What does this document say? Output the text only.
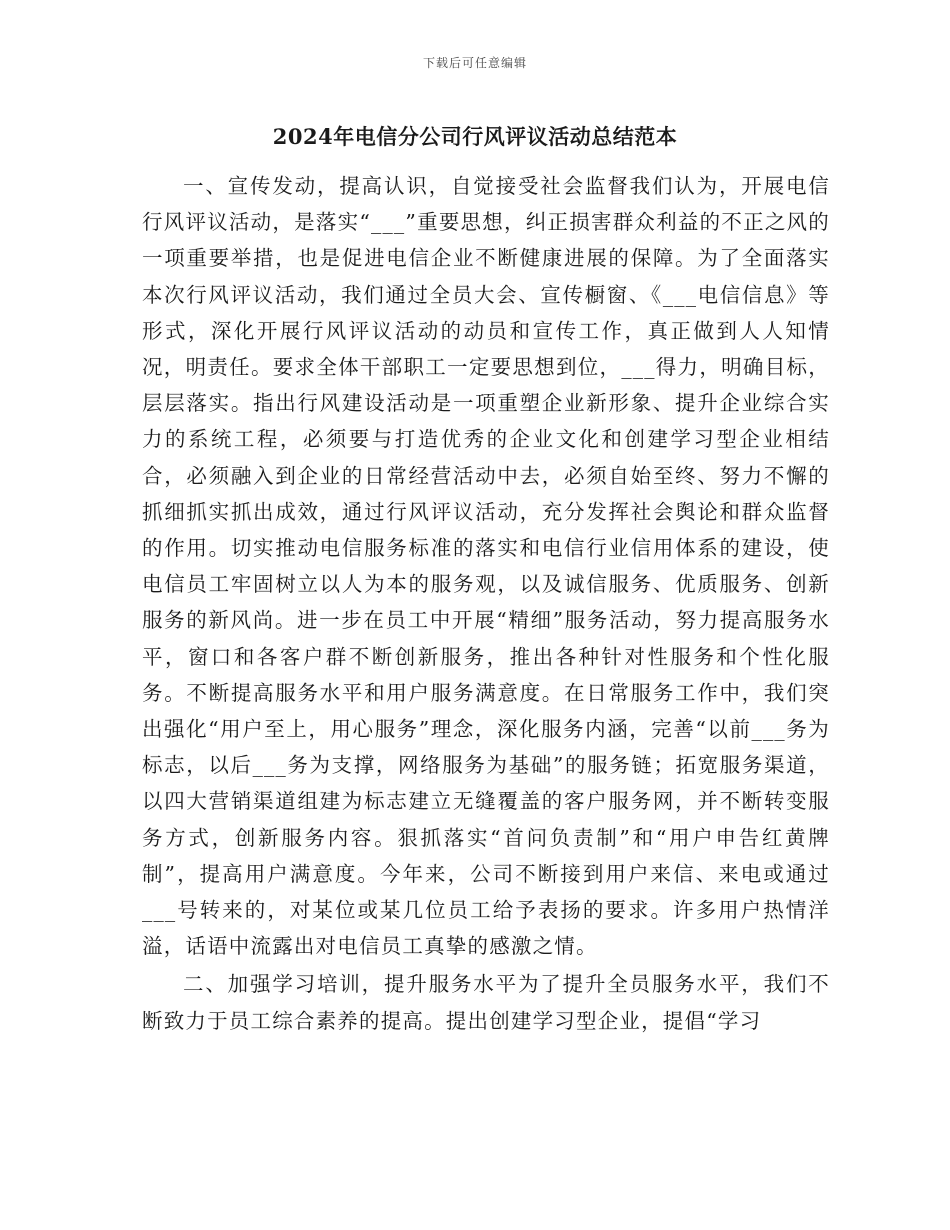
下载后可任意编辑
2024年电信分公司行风评议活动总结范本

一、宣传发动，提高认识，自觉接受社会监督我们认为，开展电信行风评议活动，是落实“___”重要思想，纠正损害群众利益的不正之风的一项重要举措，也是促进电信企业不断健康进展的保障。为了全面落实本次行风评议活动，我们通过全员大会、宣传橱窗、《___电信信息》等形式，深化开展行风评议活动的动员和宣传工作，真正做到人人知情况，明责任。要求全体干部职工一定要思想到位，___得力，明确目标，层层落实。指出行风建设活动是一项重塑企业新形象、提升企业综合实力的系统工程，必须要与打造优秀的企业文化和创建学习型企业相结合，必须融入到企业的日常经营活动中去，必须自始至终、努力不懈的抓细抓实抓出成效，通过行风评议活动，充分发挥社会舆论和群众监督的作用。切实推动电信服务标准的落实和电信行业信用体系的建设，使电信员工牢固树立以人为本的服务观，以及诚信服务、优质服务、创新服务的新风尚。进一步在员工中开展“精细”服务活动，努力提高服务水平，窗口和各客户群不断创新服务，推出各种针对性服务和个性化服务。不断提高服务水平和用户服务满意度。在日常服务工作中，我们突出强化“用户至上，用心服务”理念，深化服务内涵，完善“以前___务为标志，以后___务为支撑，网络服务为基础”的服务链；拓宽服务渠道，以四大营销渠道组建为标志建立无缝覆盖的客户服务网，并不断转变服务方式，创新服务内容。狠抓落实“首问负责制”和“用户申告红黄牌制”，提高用户满意度。今年来，公司不断接到用户来信、来电或通过___号转来的，对某位或某几位员工给予表扬的要求。许多用户热情洋溢，话语中流露出对电信员工真挚的感激之情。

二、加强学习培训，提升服务水平为了提升全员服务水平，我们不断致力于员工综合素养的提高。提出创建学习型企业，提倡“学习
